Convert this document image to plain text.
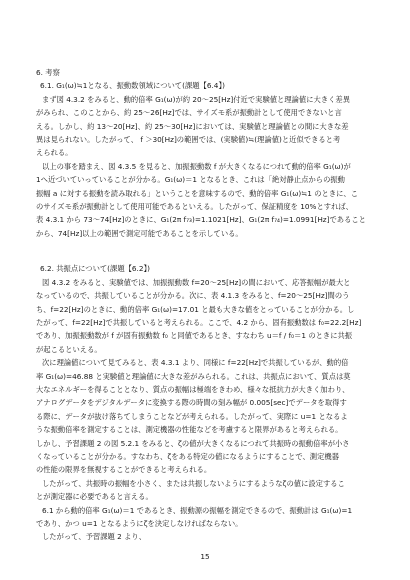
6. 考察
6.1. G₁(ω)≒1となる、振動数領域について(課題【6.4】)
まず図 4.3.2 をみると、動的倍率 G₁(ω)が約 20〜25[Hz]付近で実験値と理論値に大きく差異
がみられ、このことから、約 25〜26[Hz]では、サイズモ系が振動計として使用できないと言
える。しかし、約 13〜20[Hz]、約 25〜30[Hz]においては、実験値と理論値との間に大きな差
異は見られない。したがって、 f ＞30[Hz]の範囲では、(実験値)≒(理論値)と近似できると考
えられる。
以上の事を踏まえ、図 4.3.5 を見ると、加振振動数 f が大きくなるにつれて動的倍率 G₁(ω)が
1へ近づいていっていることが分かる。G₁(ω)＝1 となるとき、これは「絶対静止点からの振動
振幅 a に対する振動を読み取れる」ということを意味するので、動的倍率 G₁(ω)≒1 のときに、こ
のサイズモ系が振動計として使用可能であるといえる。したがって、保証精度を 10%とすれば、
表 4.3.1 から 73〜74[Hz]のときに、G₁(2π f₇₃)=1.1021[Hz]、G₁(2π f₇₄)=1.0991[Hz]であること
から、74[Hz]以上の範囲で測定可能であることを示している。
6.2. 共振点について(課題【6.2】)
図 4.3.2 をみると、実験値では、加振振動数 f=20〜25[Hz]の間において、応答振幅が最大と
なっているので、共振していることが分かる。次に、表 4.1.3 をみると、f=20〜25[Hz]間のう
ち、f=22[Hz]のときに、動的倍率 G₁(ω)=17.01 と最も大きな値をとっていることが分かる。し
たがって、f=22[Hz]で共振していると考えられる。ここで、4.2 から、固有振動数は f₀=22.2[Hz]
であり、加振振動数が f が固有振動数 f₀ と同値であるとき、すなわち u＝f / f₀＝1 のときに共振
が起こるといえる。
次に理論値について見てみると、表 4.3.1 より、同様に f=22[Hz]で共振しているが、動的倍
率 G₁(ω)=46.88 と実験値と理論値に大きな差がみられる。これは、共振点において、質点は莫
大なエネルギーを得ることとなり、質点の振幅は極端をきわめ、様々な抵抗力が大きく加わり、
アナログデータをデジタルデータに変換する際の時間の刻み幅が 0.005[sec]でデータを取得す
る際に、データが抜け落ちてしまうことなどが考えられる。したがって、実際に u=1 となるよ
うな振動倍率を測定することは、測定機器の性能などを考慮すると限界があると考えられる。
しかし、予習課題 2 の図 5.2.1 をみると、ζの値が大きくなるにつれて共振時の振動倍率が小さ
くなっていることが分かる。すなわち、ζをある特定の値になるようにすることで、測定機器
の性能の限界を無視することができると考えられる。
したがって、共振時の振幅を小さく、または共振しないようにするようなζの値に設定するこ
とが測定器に必要であると言える。
6.1 から動的倍率 G₁(ω)＝1 であるとき、振動源の振幅を測定できるので、振動計は G₁(ω)=1
であり、かつ u=1 となるようにζを決定しなければならない。
したがって、予習課題 2 より、
15
